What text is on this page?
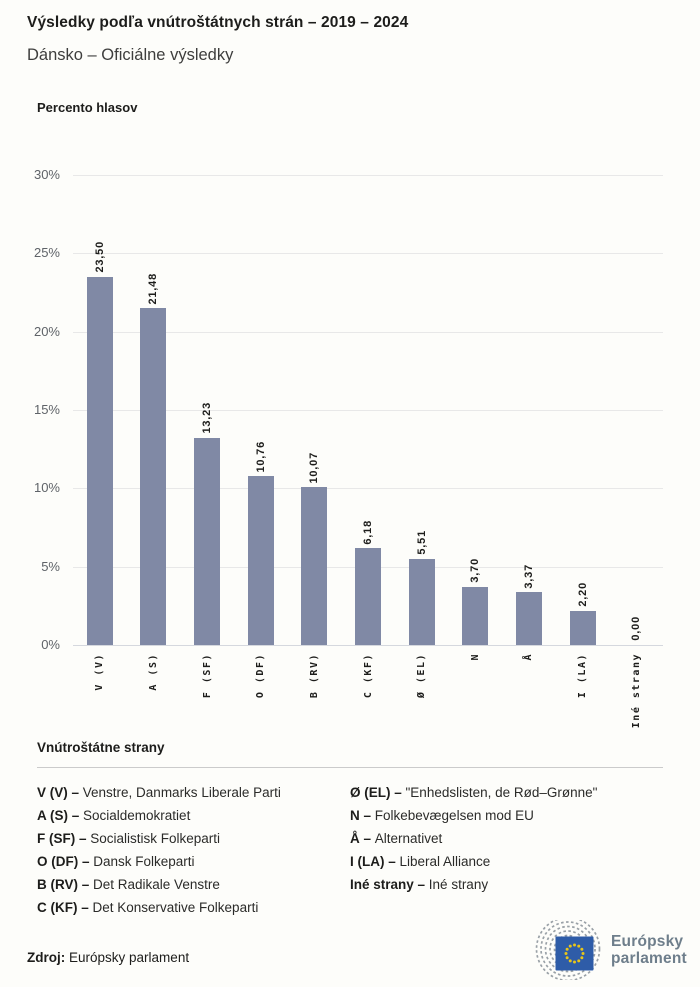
Výsledky podľa vnútroštátnych strán – 2019 – 2024
Dánsko – Oficiálne výsledky
Percento hlasov
0%
5%
10%
15%
20%
25%
30%
23,50
21,48
13,23
10,76	10,07
6,18	5,51
3,70	3,37
2,20
0,00
V (V)	A (S)	F (SF)	O (DF)	B (RV)	C (KF)	Ø (EL)	N	Å	I (LA)	Iné strany
Vnútroštátne strany
V (V) – Venstre, Danmarks Liberale Parti
A (S) – Socialdemokratiet
F (SF) – Socialistisk Folkeparti
O (DF) – Dansk Folkeparti
B (RV) – Det Radikale Venstre
C (KF) – Det Konservative Folkeparti
Ø (EL) – "Enhedslisten, de Rød–Grønne"
N – Folkebevægelsen mod EU
Å – Alternativet
I (LA) – Liberal Alliance
Iné strany – Iné strany
Zdroj: Európsky parlament
Európsky
parlament
